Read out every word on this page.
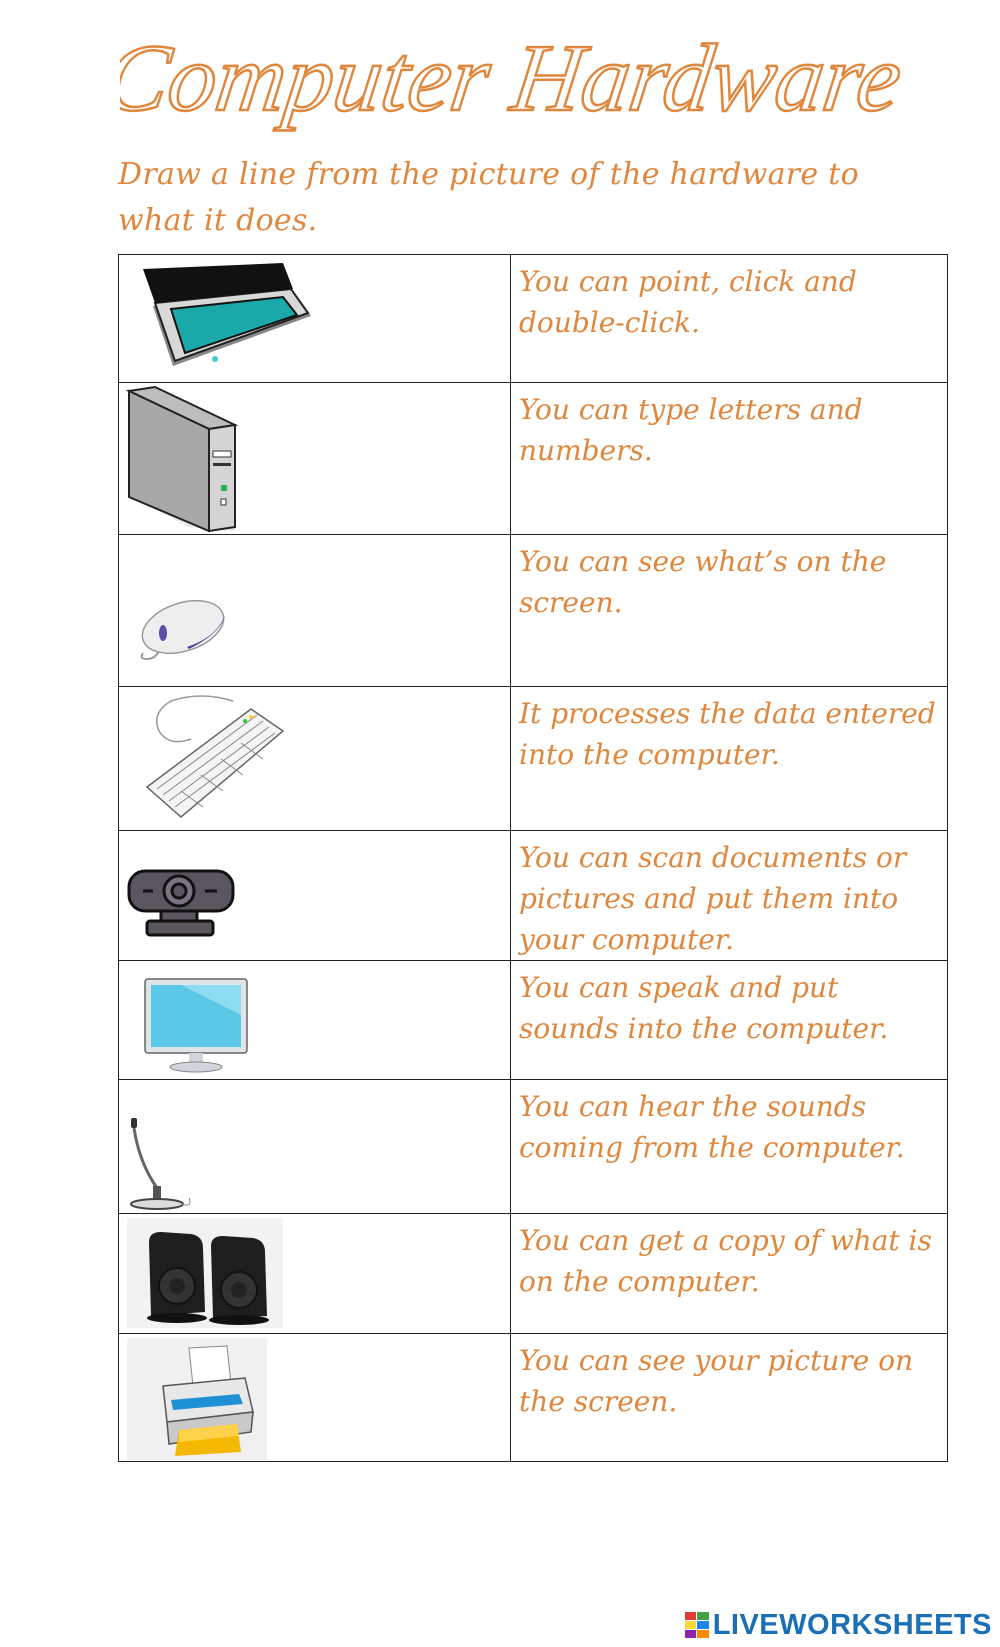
Computer Hardware
Draw a line from the picture of the hardware to what it does.
	You can point, click and double-click.

	You can type letters and numbers.

	You can see what’s on the screen.

	It processes the data entered into the computer.

	You can scan documents or pictures and put them into your computer.

	You can speak and put sounds into the computer.

	You can hear the sounds coming from the computer.

	You can get a copy of what is on the computer.

	You can see your picture on the screen.
LIVEWORKSHEETS
